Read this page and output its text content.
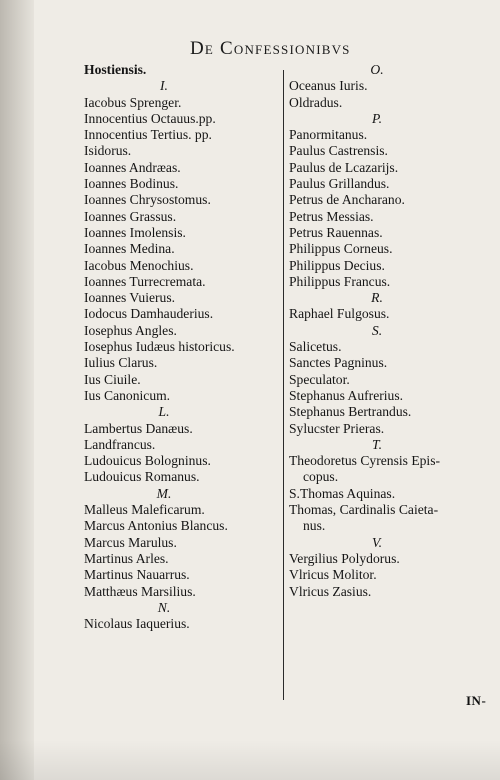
De Confessionibvs
Hostiensis.
I.
Iacobus Sprenger.
Innocentius Octauus.pp.
Innocentius Tertius. pp.
Isidorus.
Ioannes Andræas.
Ioannes Bodinus.
Ioannes Chrysostomus.
Ioannes Grassus.
Ioannes Imolensis.
Ioannes Medina.
Iacobus Menochius.
Ioannes Turrecremata.
Ioannes Vuierus.
Iodocus Damhauderius.
Iosephus Angles.
Iosephus Iudæus historicus.
Iulius Clarus.
Ius Ciuile.
Ius Canonicum.
L.
Lambertus Danæus.
Landfrancus.
Ludouicus Bologninus.
Ludouicus Romanus.
M.
Malleus Maleficarum.
Marcus Antonius Blancus.
Marcus Marulus.
Martinus Arles.
Martinus Nauarrus.
Matthæus Marsilius.
N.
Nicolaus Iaquerius.
O.
Oceanus Iuris.
Oldradus.
P.
Panormitanus.
Paulus Castrensis.
Paulus de Lcazarijs.
Paulus Grillandus.
Petrus de Ancharano.
Petrus Messias.
Petrus Rauennas.
Philippus Corneus.
Philippus Decius.
Philippus Francus.
R.
Raphael Fulgosus.
S.
Salicetus.
Sanctes Pagninus.
Speculator.
Stephanus Aufrerius.
Stephanus Bertrandus.
Sylucster Prieras.
T.
Theodoretus Cyrensis Epis-
copus.
S.Thomas Aquinas.
Thomas, Cardinalis Caieta-
nus.
V.
Vergilius Polydorus.
Vlricus Molitor.
Vlricus Zasius.
IN-
